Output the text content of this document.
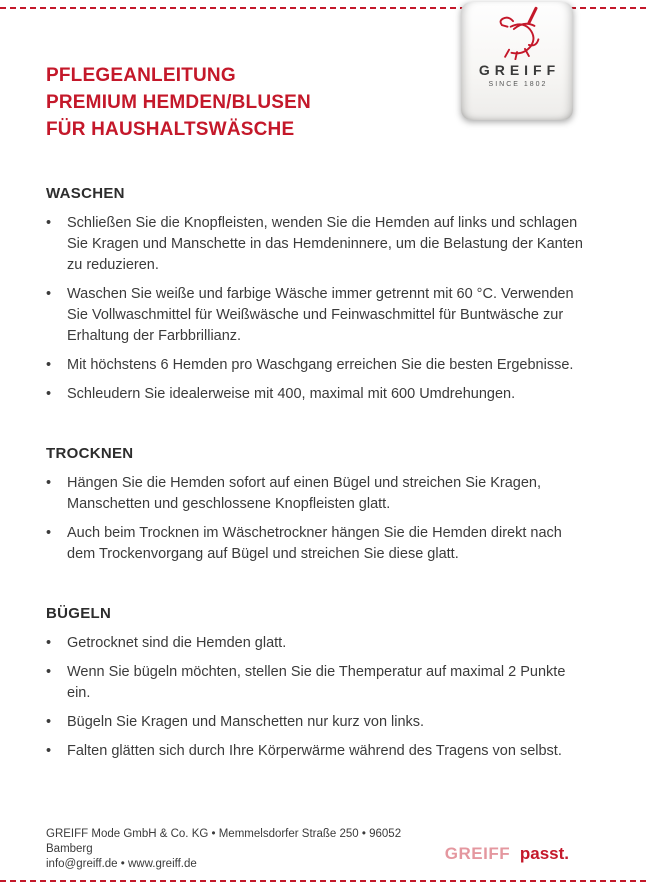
GREIFF
SINCE 1802
PFLEGEANLEITUNG
PREMIUM HEMDEN/BLUSEN
FÜR HAUSHALTSWÄSCHE
WASCHEN
•	Schließen Sie die Knopfleisten, wenden Sie die Hemden auf links und schlagen Sie Kragen und Manschette in das Hemdeninnere, um die Belastung der Kanten zu reduzieren.
•	Waschen Sie weiße und farbige Wäsche immer getrennt mit 60 °C. Verwenden Sie Vollwaschmittel für Weißwäsche und Feinwaschmittel für Buntwäsche zur Erhaltung der Farbbrillianz.
•	Mit höchstens 6 Hemden pro Waschgang erreichen Sie die besten Ergebnisse.
•	Schleudern Sie idealerweise mit 400, maximal mit 600 Umdrehungen.
TROCKNEN
•	Hängen Sie die Hemden sofort auf einen Bügel und streichen Sie Kragen, Manschetten und geschlossene Knopfleisten glatt.
•	Auch beim Trocknen im Wäschetrockner hängen Sie die Hemden direkt nach dem Trockenvorgang auf Bügel und streichen Sie diese glatt.
BÜGELN
•	Getrocknet sind die Hemden glatt.
•	Wenn Sie bügeln möchten, stellen Sie die Themperatur auf maximal 2 Punkte ein.
•	Bügeln Sie Kragen und Manschetten nur kurz von links.
•	Falten glätten sich durch Ihre Körperwärme während des Tragens von selbst.
GREIFF Mode GmbH & Co. KG • Memmelsdorfer Straße 250 • 96052 Bamberg
info@greiff.de • www.greiff.de
GREIFF passt.
